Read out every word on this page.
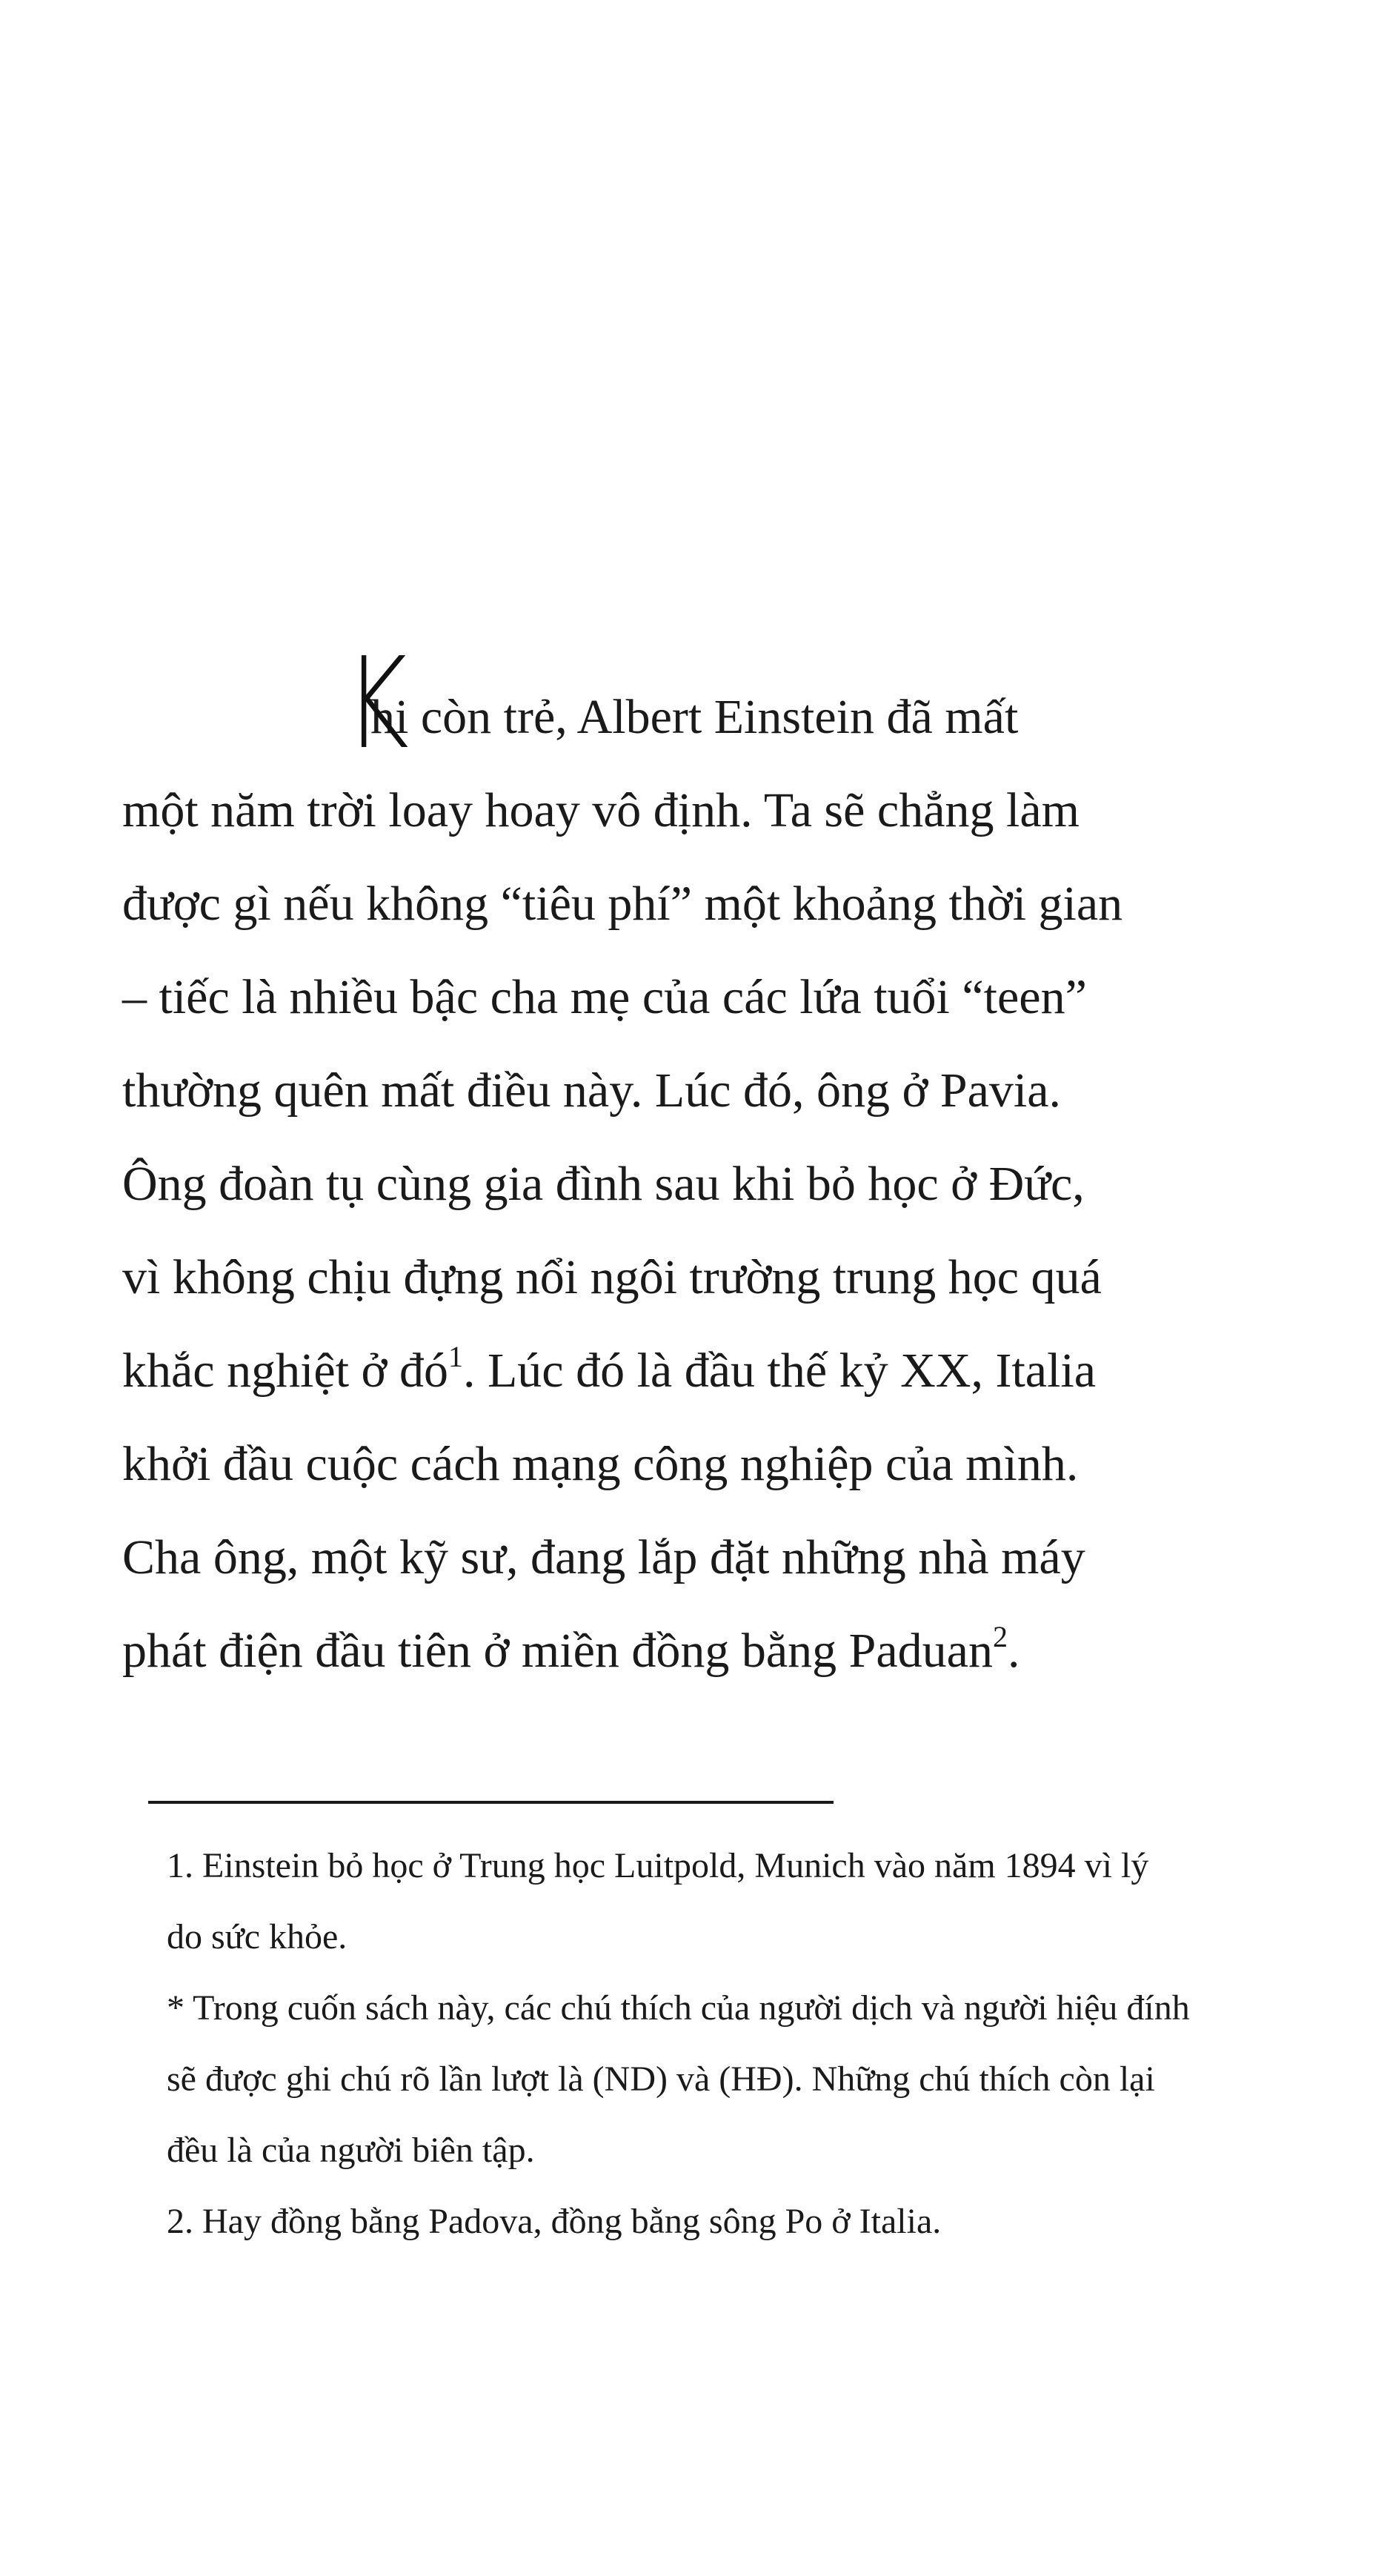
K
hi còn trẻ, Albert Einstein đã mất
một năm trời loay hoay vô định. Ta sẽ chẳng làm
được gì nếu không “tiêu phí” một khoảng thời gian
– tiếc là nhiều bậc cha mẹ của các lứa tuổi “teen”
thường quên mất điều này. Lúc đó, ông ở Pavia.
Ông đoàn tụ cùng gia đình sau khi bỏ học ở Đức,
vì không chịu đựng nổi ngôi trường trung học quá
khắc nghiệt ở $đó^1$. Lúc đó là đầu thế kỷ XX, Italia
khởi đầu cuộc cách mạng công nghiệp của mình.
Cha ông, một kỹ sư, đang lắp đặt những nhà máy
phát điện đầu tiên ở miền đồng bằng Paduan$^2$.
1. Einstein bỏ học ở Trung học Luitpold, Munich vào năm 1894 vì lý
do sức khỏe.
* Trong cuốn sách này, các chú thích của người dịch và người hiệu đính
sẽ được ghi chú rõ lần lượt là (ND) và (HĐ). Những chú thích còn lại
đều là của người biên tập.
2. Hay đồng bằng Padova, đồng bằng sông Po ở Italia.
